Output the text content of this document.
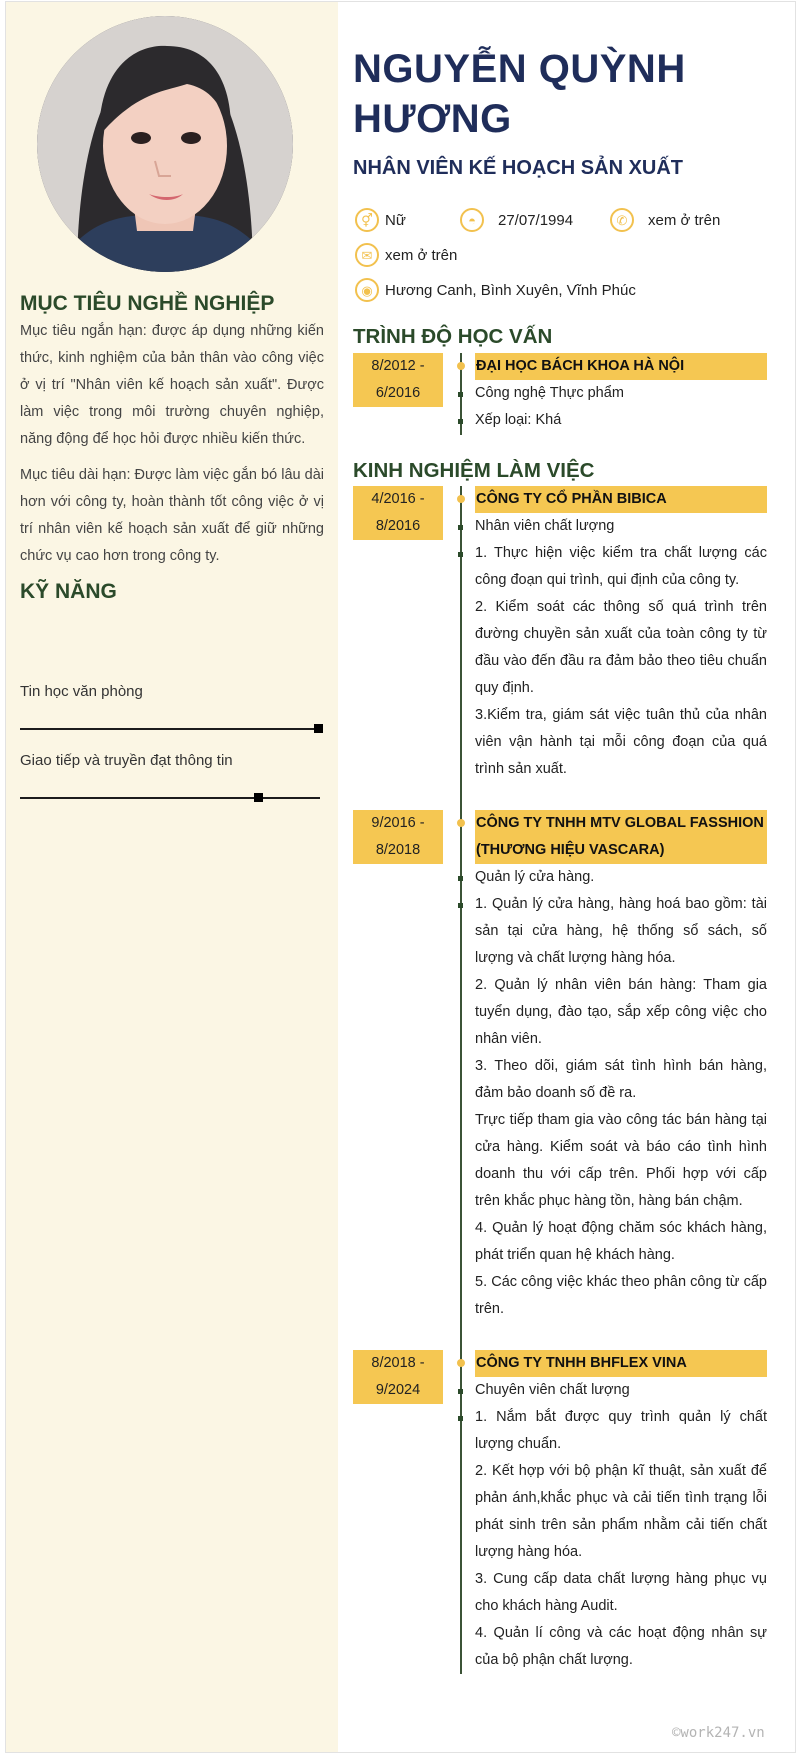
MỤC TIÊU NGHỀ NGHIỆP

Mục tiêu ngắn hạn: được áp dụng những kiến thức, kinh nghiệm của bản thân vào công việc ở vị trí "Nhân viên kế hoạch sản xuất". Được làm việc trong môi trường chuyên nghiệp, năng động để học hỏi được nhiều kiến thức.

Mục tiêu dài hạn: Được làm việc gắn bó lâu dài hơn với công ty, hoàn thành tốt công việc ở vị trí nhân viên kế hoạch sản xuất để giữ những chức vụ cao hơn trong công ty.

KỸ NĂNG
Tin học văn phòng
Giao tiếp và truyền đạt thông tin
NGUYỄN QUỲNH HƯƠNG
NHÂN VIÊN KẾ HOẠCH SẢN XUẤT
⚥ Nữ	◓	27/07/1994	✆	xem ở trên
✉ xem ở trên
◉ Hương Canh, Bình Xuyên, Vĩnh Phúc
TRÌNH ĐỘ HỌC VẤN
8/2012 - 6/2016
ĐẠI HỌC BÁCH KHOA HÀ NỘI
Công nghệ Thực phẩm
Xếp loại: Khá
KINH NGHIỆM LÀM VIỆC
4/2016 - 8/2016
CÔNG TY CỔ PHẦN BIBICA
Nhân viên chất lượng
1. Thực hiện việc kiểm tra chất lượng các công đoạn qui trình, qui định của công ty.
2. Kiểm soát các thông số quá trình trên đường chuyền sản xuất của toàn công ty từ đầu vào đến đầu ra đảm bảo theo tiêu chuẩn quy định.
3.Kiểm tra, giám sát việc tuân thủ của nhân viên vận hành tại mỗi công đoạn của quá trình sản xuất.
9/2016 - 8/2018
CÔNG TY TNHH MTV GLOBAL FASSHION (THƯƠNG HIỆU VASCARA)
Quản lý cửa hàng.
1. Quản lý cửa hàng, hàng hoá bao gồm: tài sản tại cửa hàng, hệ thống sổ sách, số lượng và chất lượng hàng hóa.
2. Quản lý nhân viên bán hàng: Tham gia tuyển dụng, đào tạo, sắp xếp công việc cho nhân viên.
3. Theo dõi, giám sát tình hình bán hàng, đảm bảo doanh số đề ra.
Trực tiếp tham gia vào công tác bán hàng tại cửa hàng. Kiểm soát và báo cáo tình hình doanh thu với cấp trên. Phối hợp với cấp trên khắc phục hàng tồn, hàng bán chậm.
4. Quản lý hoạt động chăm sóc khách hàng, phát triển quan hệ khách hàng.
5. Các công việc khác theo phân công từ cấp trên.
8/2018 - 9/2024
CÔNG TY TNHH BHFLEX VINA
Chuyên viên chất lượng
1. Nắm bắt được quy trình quản lý chất lượng chuẩn.
2. Kết hợp với bộ phận kĩ thuật, sản xuất để phản ánh,khắc phục và cải tiến tình trạng lỗi phát sinh trên sản phẩm nhằm cải tiến chất lượng hàng hóa.
3. Cung cấp data chất lượng hàng phục vụ cho khách hàng Audit.
4. Quản lí công và các hoạt động nhân sự của bộ phận chất lượng.
©work247.vn
